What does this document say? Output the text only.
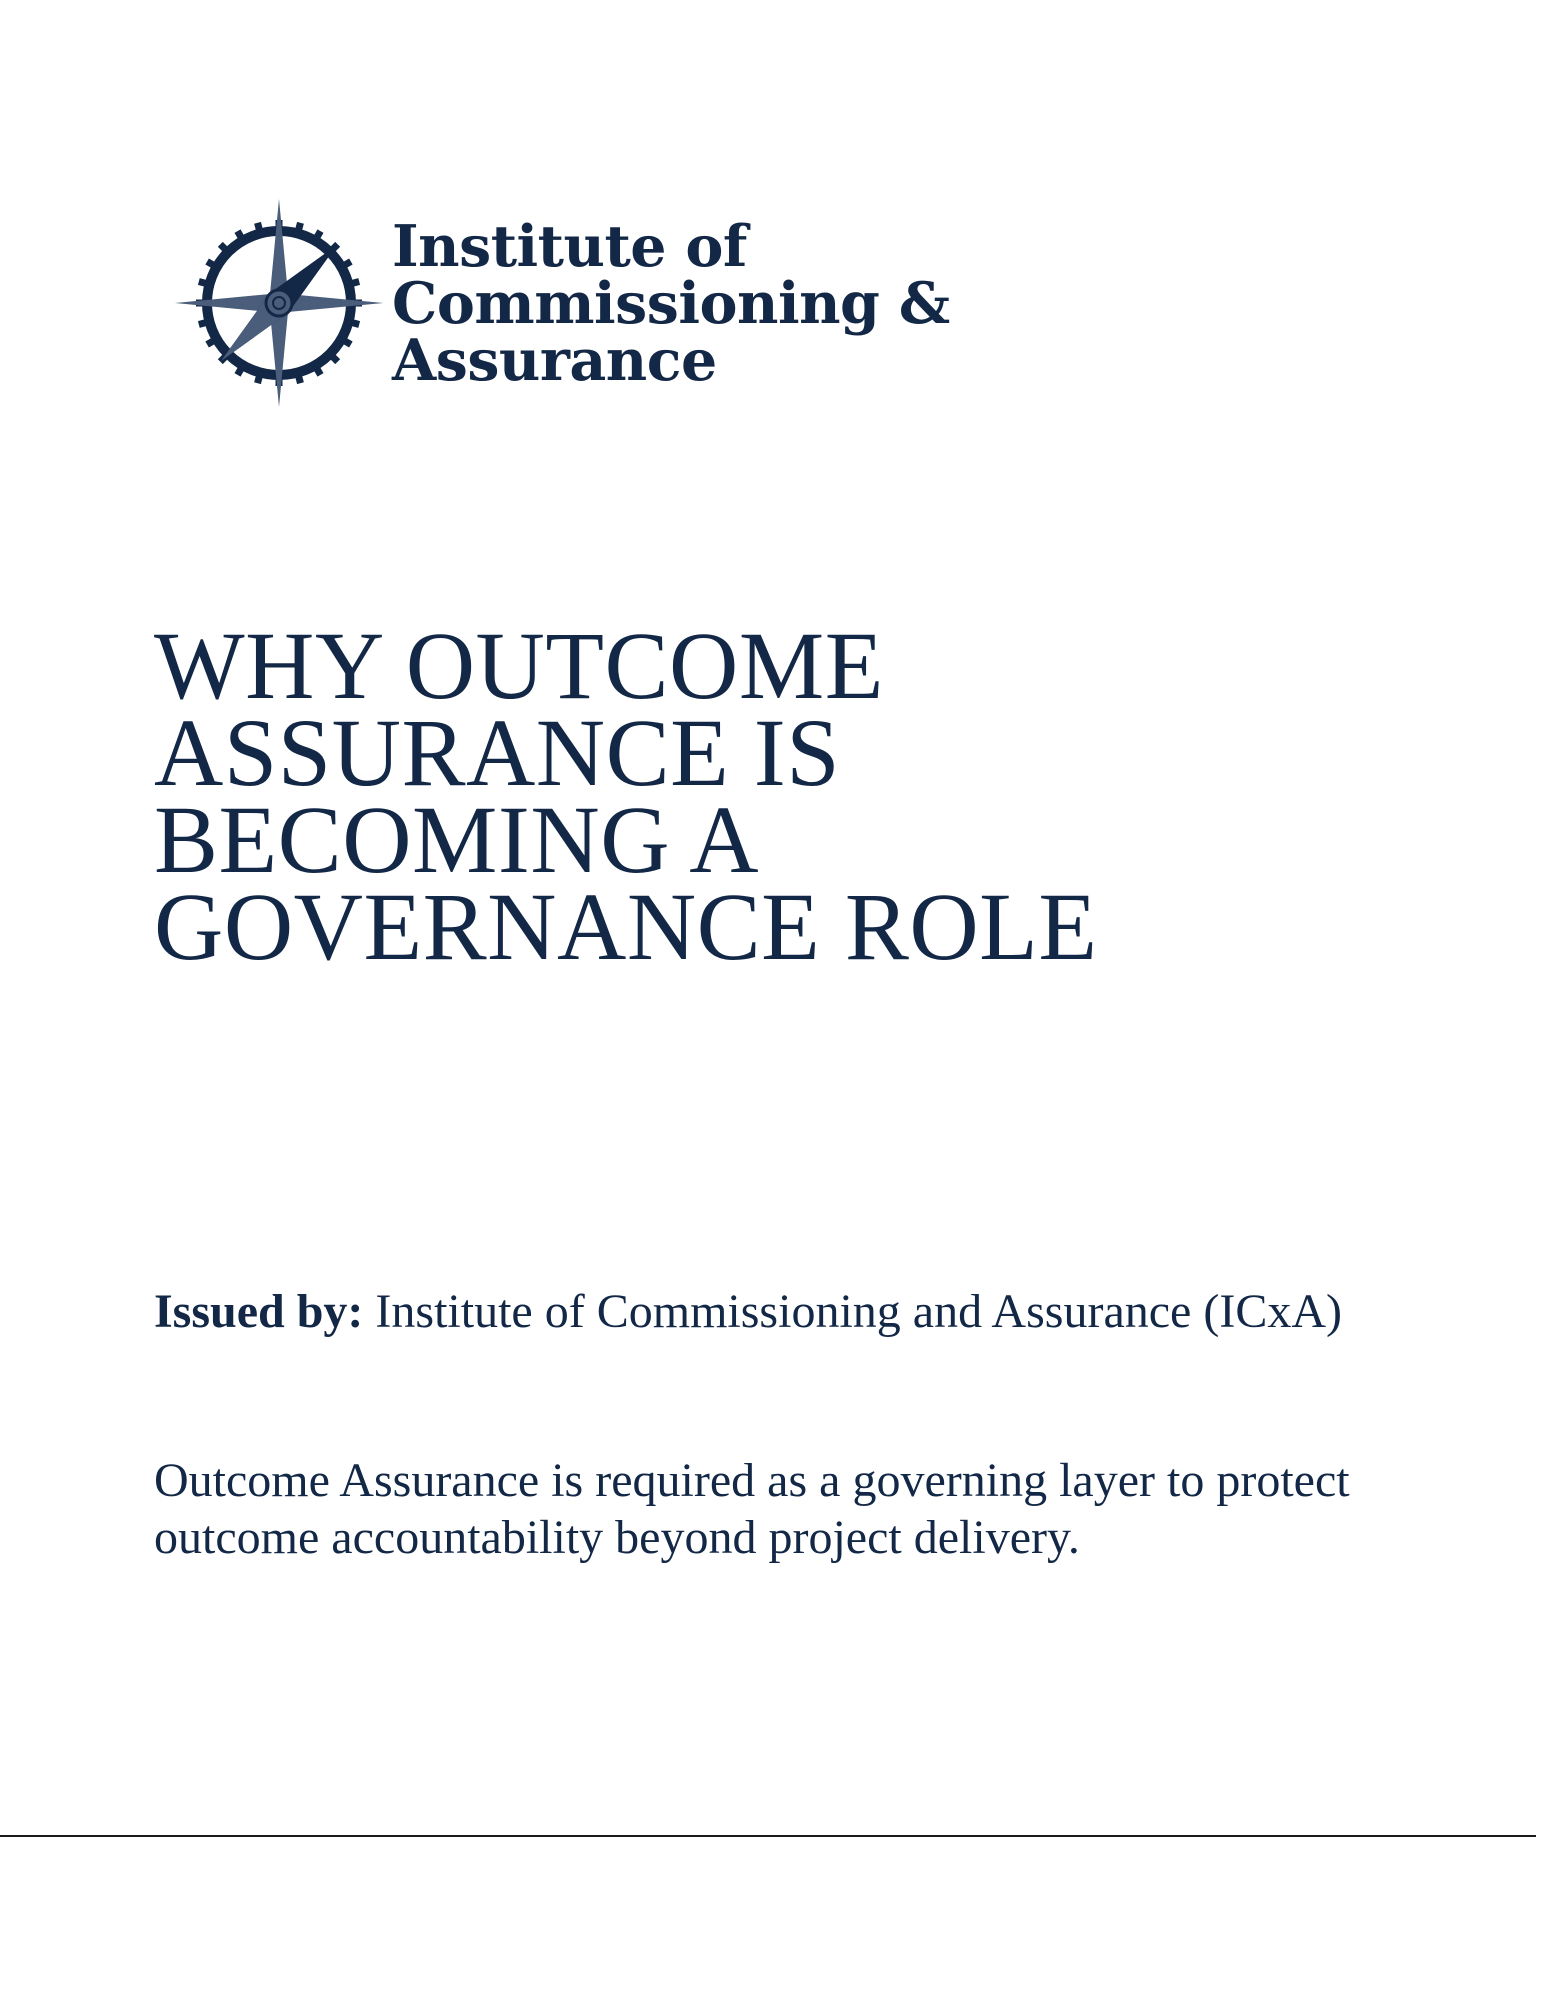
Institute of
Commissioning &
Assurance
WHY OUTCOME
ASSURANCE IS
BECOMING A
GOVERNANCE ROLE
Issued by: Institute of Commissioning and Assurance (ICxA)
Outcome Assurance is required as a governing layer to protect outcome accountability beyond project delivery.
